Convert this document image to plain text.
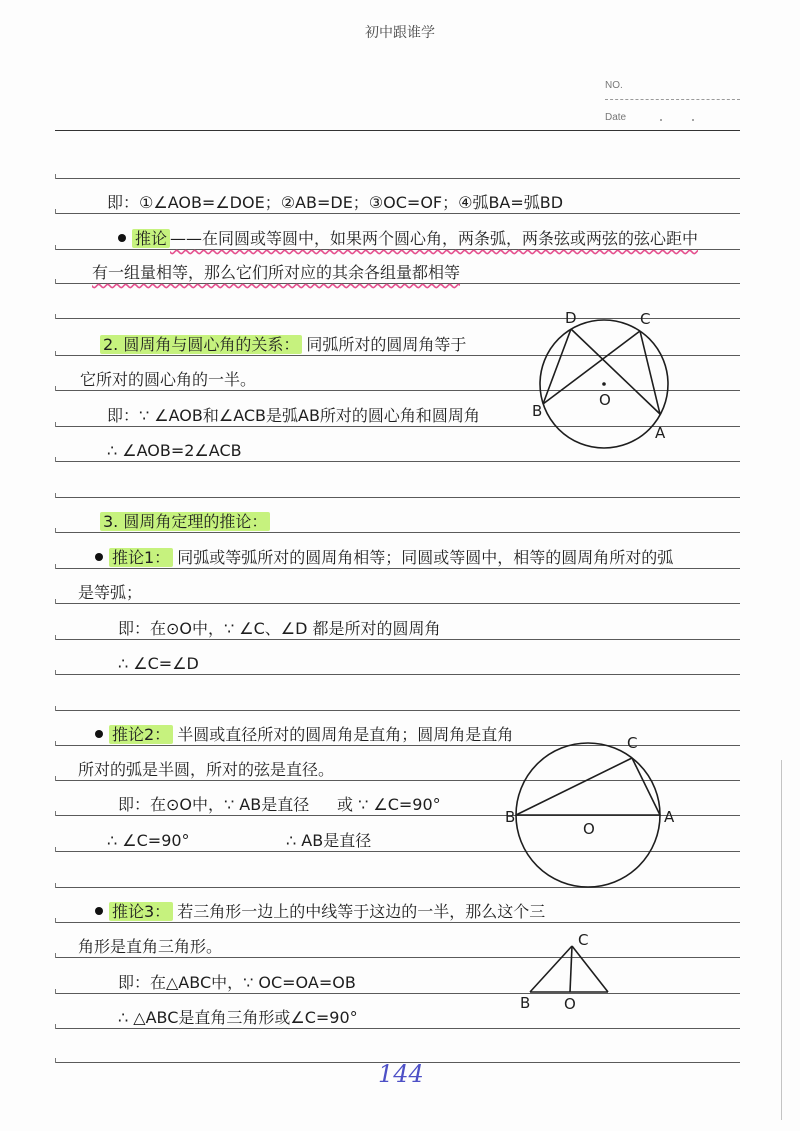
初中跟谁学
NO.
Date
即：①∠AOB=∠DOE；②AB=DE；③OC=OF；④弧BA=弧BD
推论 ——在同圆或等圆中，如果两个圆心角，两条弧，两条弦或两弦的弦心距中
有一组量相等，那么它们所对应的其余各组量都相等
2. 圆周角与圆心角的关系： 同弧所对的圆周角等于
它所对的圆心角的一半。
即：∵ ∠AOB和∠ACB是弧AB所对的圆心角和圆周角
∴ ∠AOB=2∠ACB
3. 圆周角定理的推论：
推论1： 同弧或等弧所对的圆周角相等；同圆或等圆中，相等的圆周角所对的弧
是等弧；
即：在⊙O中，∵ ∠C、∠D 都是所对的圆周角
∴ ∠C=∠D
推论2： 半圆或直径所对的圆周角是直角；圆周角是直角
所对的弧是半圆，所对的弦是直径。
即：在⊙O中，∵ AB是直径 或 ∵ ∠C=90°
∴ ∠C=90°	∴ AB是直径
推论3： 若三角形一边上的中线等于这边的一半，那么这个三
角形是直角三角形。
即：在△ABC中，∵ OC=OA=OB
∴ △ABC是直角三角形或∠C=90°
D	C
B
A
O
C
B
O
A
C
B O
144
